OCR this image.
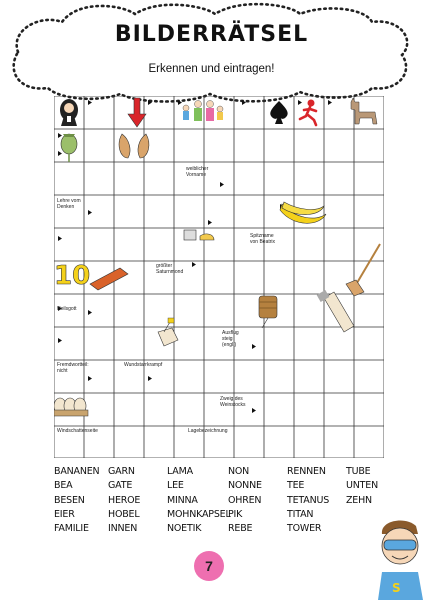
BILDERRÄTSEL
Erkennen und eintragen!
10
Lehre vom Denken
weiblicher Vorname
Spitzname von Beatrix
größter Saturnmond
Heilsgott
Ausflug steig (engl.)
Wundstarrkrampf
Fremdwortteil: nicht
Zweig des Weinstocks
Windschattenseite	Lagebezeichnung
BANANEN
BEA
BESEN
EIER
FAMILIE
GARN
GATE
HEROE
HOBEL
INNEN
LAMA
LEE
MINNA
MOHNKAPSEL
NOETIK
NON
NONNE
OHREN
PIK
REBE
RENNEN
TEE
TETANUS
TITAN
TOWER
TUBE
UNTEN
ZEHN
7
S
